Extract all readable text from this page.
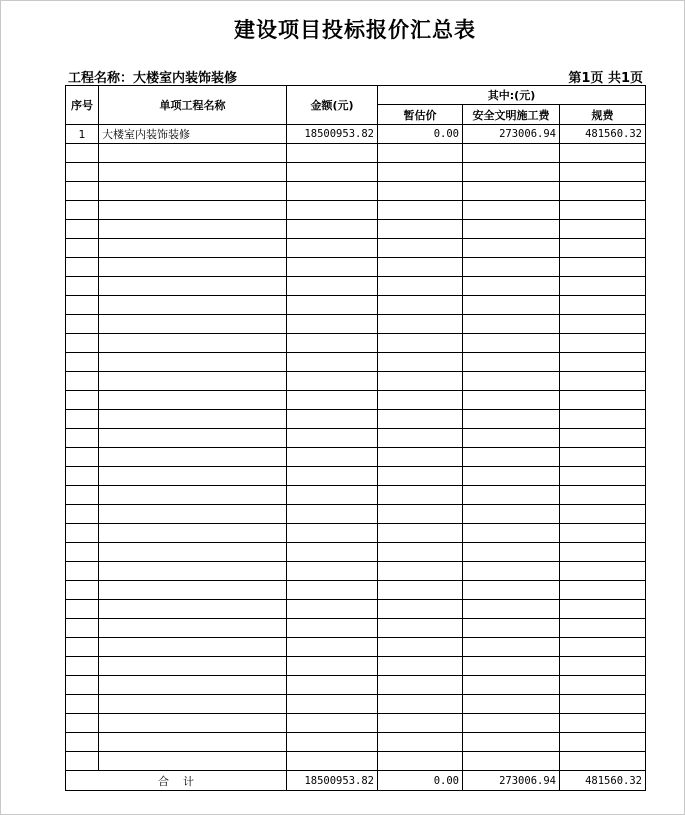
建设项目投标报价汇总表
工程名称：大楼室内装饰装修	第1页 共1页
序号	单项工程名称	金额(元)	其中:(元)		
			暂估价	安全文明施工费	规费
1	大楼室内装饰装修	18500953.82	0.00	273006.94	481560.32

合    计		18500953.82	0.00	273006.94	481560.32
